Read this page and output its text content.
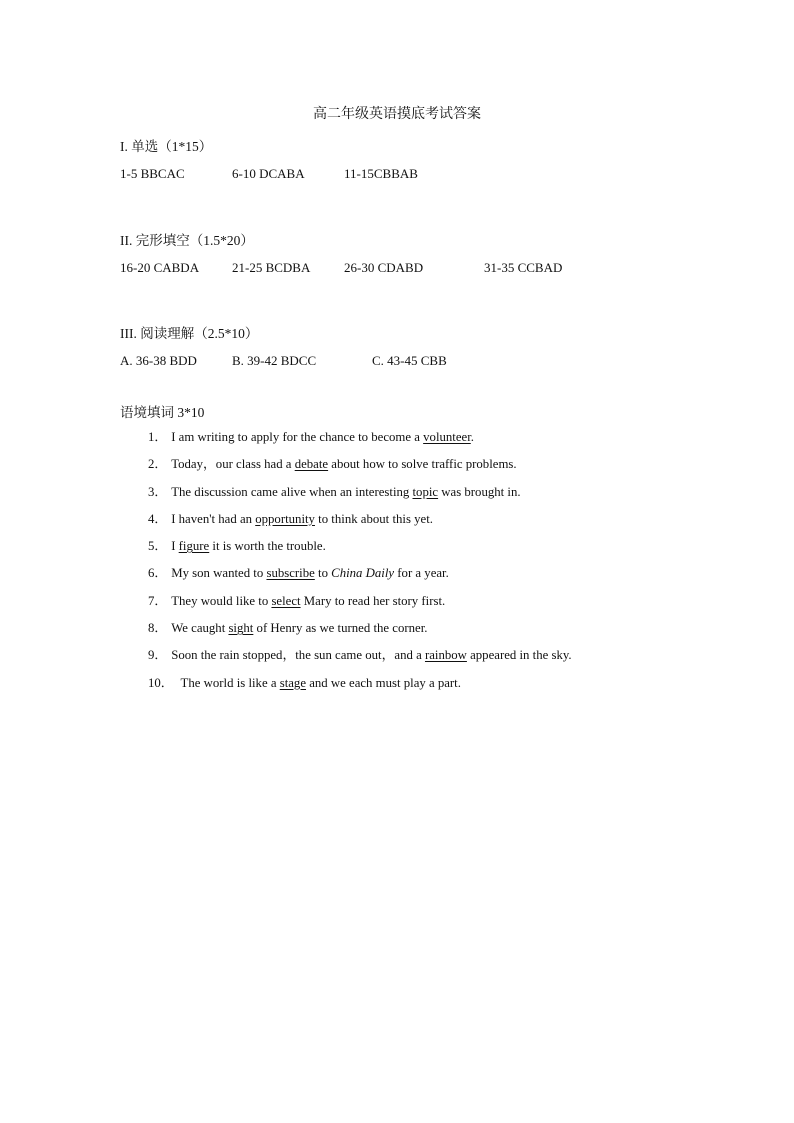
高二年级英语摸底考试答案
I. 单选（1*15）
1-5 BBCAC	6-10 DCABA	11-15CBBAB
II. 完形填空（1.5*20）
16-20 CABDA	21-25 BCDBA	26-30 CDABD	31-35 CCBAD
III. 阅读理解（2.5*10）
A. 36-38 BDD	B. 39-42 BDCC	C. 43-45 CBB
语境填词 3*10
1． I am writing to apply for the chance to become a volunteer.
2． Today，our class had a debate about how to solve traffic problems.
3． The discussion came alive when an interesting topic was brought in.
4． I haven't had an opportunity to think about this yet.
5． I figure it is worth the trouble.
6． My son wanted to subscribe to China Daily for a year.
7． They would like to select Mary to read her story first.
8． We caught sight of Henry as we turned the corner.
9． Soon the rain stopped，the sun came out，and a rainbow appeared in the sky.
10． The world is like a stage and we each must play a part.
